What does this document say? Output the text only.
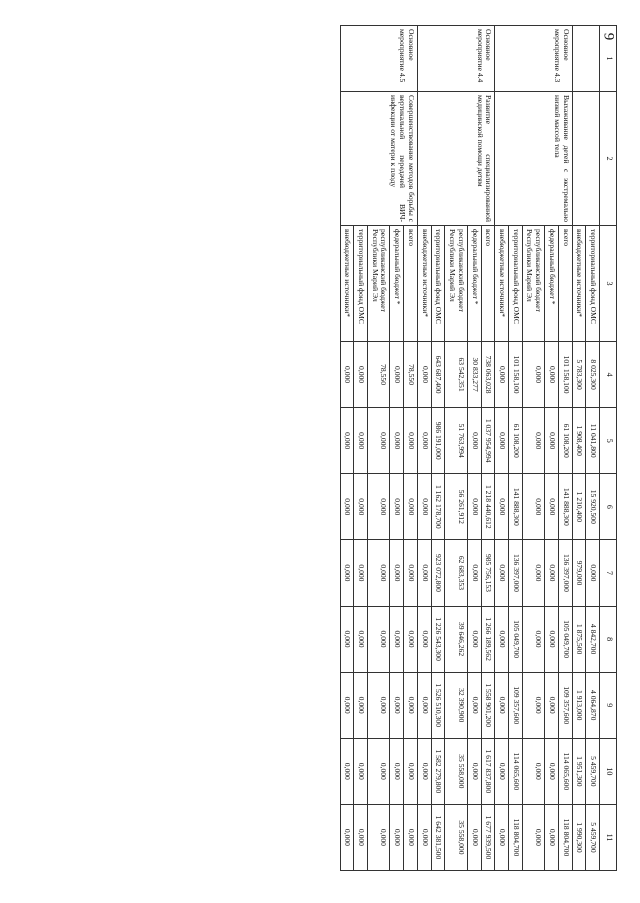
9
1	2	3	4	5	6	7	8	9	10	11
		территориальный фонд ОМС	8 025,300	11 041,800	15 920,500	0,000	4 842,700	4 064,870	5 459,700	5 459,700
		внебюджетные источники*	5 783,300	1 908,400	1 210,400	979,000	1 875,500	1 913,000	1 951,300	1 990,300
Основное мероприятие 4.3	Выхаживание детей с экстремально низкой массой тела	всего	101 158,100	61 108,200	141 888,300	136 397,000	105 049,700	109 357,600	114 065,600	118 804,700
		федеральный бюджет *	0,000	0,000	0,000	0,000	0,000	0,000	0,000	0,000
		республиканский бюджет Республики Марий Эл	0,000	0,000	0,000	0,000	0,000	0,000	0,000	0,000
		территориальный фонд ОМС	101 158,100	61 108,200	141 888,300	136 397,000	105 049,700	109 357,600	114 065,600	118 804,700
		внебюджетные источники*	0,000	0,000	0,000	0,000	0,000	0,000	0,000	0,000
Основное мероприятие 4.4	Развитие специализированной медицинской помощи детям	всего	738 063,028	1 037 954,994	1 218 440,612	985 756,153	1 266 189,562	1 558 901,200	1 617 837,800	1 677 939,500
		федеральный бюджет *	30 833,277	0,000	0,000	0,000	0,000	0,000	0,000	0,000
		республиканский бюджет Республики Марий Эл	63 542,351	51 763,994	56 261,912	62 683,353	39 646,262	32 390,900	35 558,000	35 558,000
		территориальный фонд ОМС	643 687,400	986 191,000	1 162 178,700	923 072,800	1 226 543,300	1 526 510,300	1 582 279,800	1 642 381,500
		внебюджетные источники*	0,000	0,000	0,000	0,000	0,000	0,000	0,000	0,000
Основное мероприятие 4.5	Совершенствование методов борьбы с вертикальной передачей ВИЧ-инфекции от матери к плоду	всего	78,550	0,000	0,000	0,000	0,000	0,000	0,000	0,000
		федеральный бюджет *	0,000	0,000	0,000	0,000	0,000	0,000	0,000	0,000
		республиканский бюджет Республики Марий Эл	78,550	0,000	0,000	0,000	0,000	0,000	0,000	0,000
		территориальный фонд ОМС	0,000	0,000	0,000	0,000	0,000	0,000	0,000	0,000
		внебюджетные источники*	0,000	0,000	0,000	0,000	0,000	0,000	0,000	0,000
